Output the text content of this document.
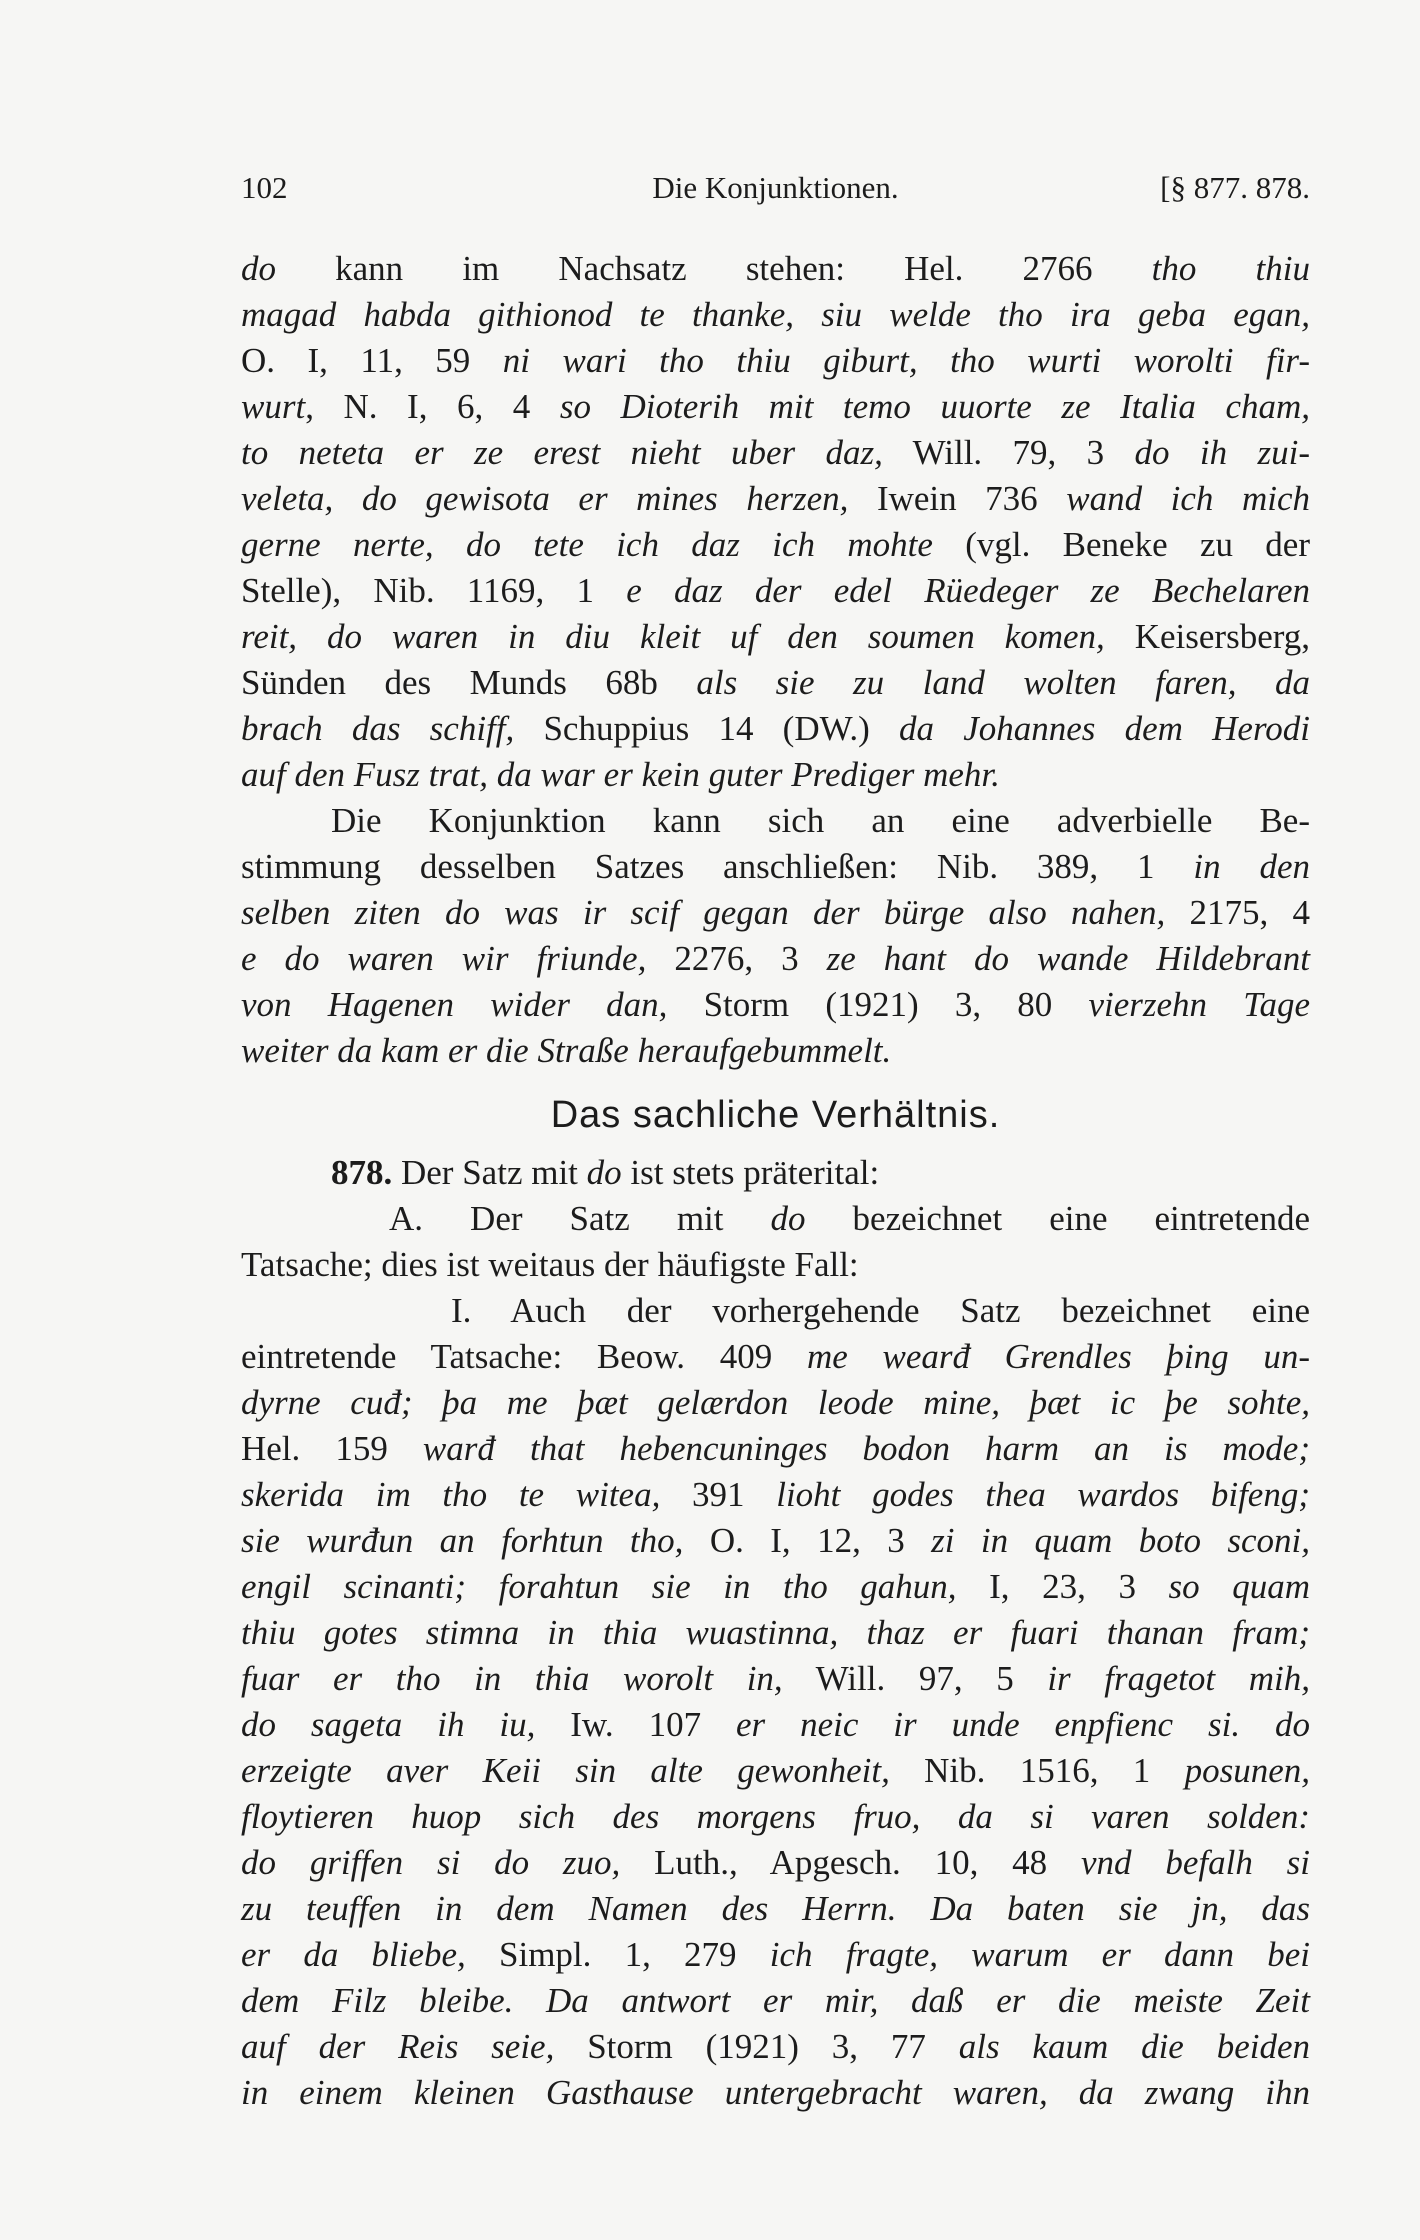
102	Die Konjunktionen.	[§ 877. 878.
do kann im Nachsatz stehen: Hel. 2766 tho thiu
magad habda githionod te thanke, siu welde tho ira geba egan,
O. I, 11, 59 ni wari tho thiu giburt, tho wurti worolti fir-
wurt, N. I, 6, 4 so Dioterih mit temo uuorte ze Italia cham,
to neteta er ze erest nieht uber daz, Will. 79, 3 do ih zui-
veleta, do gewisota er mines herzen, Iwein 736 wand ich mich
gerne nerte, do tete ich daz ich mohte (vgl. Beneke zu der
Stelle), Nib. 1169, 1 e daz der edel Rüedeger ze Bechelaren
reit, do waren in diu kleit uf den soumen komen, Keisersberg,
Sünden des Munds 68b als sie zu land wolten faren, da
brach das schiff, Schuppius 14 (DW.) da Johannes dem Herodi
auf den Fusz trat, da war er kein guter Prediger mehr.
Die Konjunktion kann sich an eine adverbielle Be-
stimmung desselben Satzes anschließen: Nib. 389, 1 in den
selben ziten do was ir scif gegan der bürge also nahen, 2175, 4
e do waren wir friunde, 2276, 3 ze hant do wande Hildebrant
von Hagenen wider dan, Storm (1921) 3, 80 vierzehn Tage
weiter da kam er die Straße heraufgebummelt.
Das sachliche Verhältnis.
878. Der Satz mit do ist stets präterital:
A. Der Satz mit do bezeichnet eine eintretende
Tatsache; dies ist weitaus der häufigste Fall:
I. Auch der vorhergehende Satz bezeichnet eine
eintretende Tatsache: Beow. 409 me wearđ Grendles þing un-
dyrne cuđ; þa me þæt gelærdon leode mine, þæt ic þe sohte,
Hel. 159 warđ that hebencuninges bodon harm an is mode;
skerida im tho te witea, 391 lioht godes thea wardos bifeng;
sie wurđun an forhtun tho, O. I, 12, 3 zi in quam boto sconi,
engil scinanti; forahtun sie in tho gahun, I, 23, 3 so quam
thiu gotes stimna in thia wuastinna, thaz er fuari thanan fram;
fuar er tho in thia worolt in, Will. 97, 5 ir fragetot mih,
do sageta ih iu, Iw. 107 er neic ir unde enpfienc si. do
erzeigte aver Keii sin alte gewonheit, Nib. 1516, 1 posunen,
floytieren huop sich des morgens fruo, da si varen solden:
do griffen si do zuo, Luth., Apgesch. 10, 48 vnd befalh si
zu teuffen in dem Namen des Herrn. Da baten sie jn, das
er da bliebe, Simpl. 1, 279 ich fragte, warum er dann bei
dem Filz bleibe. Da antwort er mir, daß er die meiste Zeit
auf der Reis seie, Storm (1921) 3, 77 als kaum die beiden
in einem kleinen Gasthause untergebracht waren, da zwang ihn
